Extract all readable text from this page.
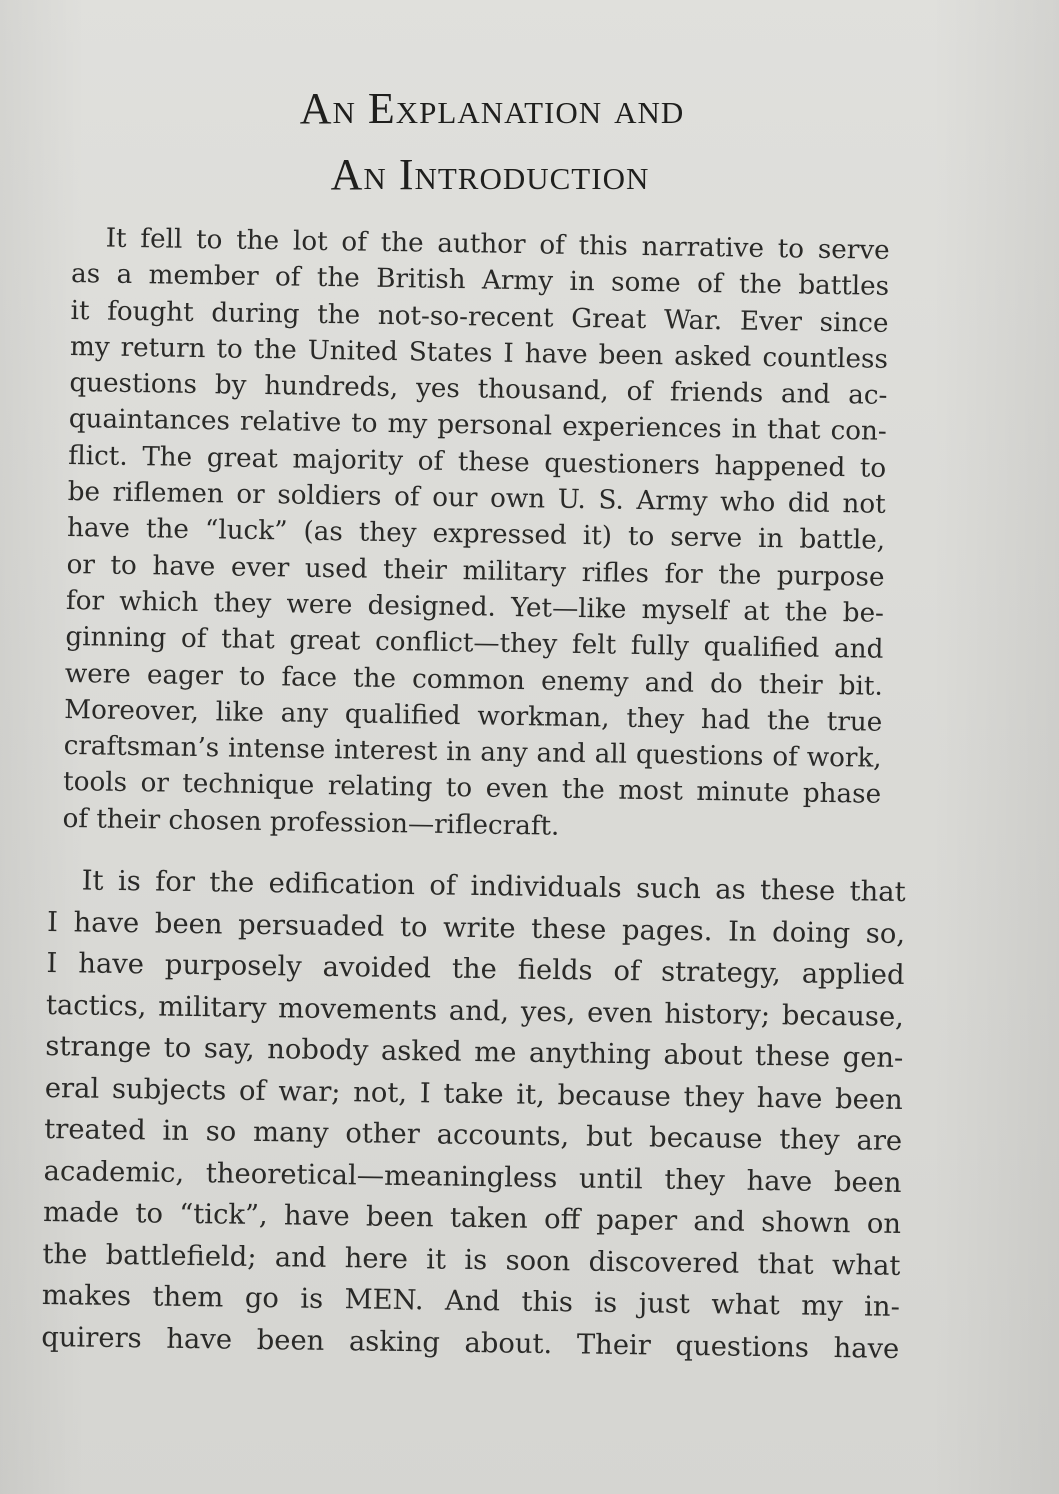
An Explanation and
An Introduction
It fell to the lot of the author of this narrative to serve
as a member of the British Army in some of the battles
it fought during the not-so-recent Great War. Ever since
my return to the United States I have been asked countless
questions by hundreds, yes thousand, of friends and ac-
quaintances relative to my personal experiences in that con-
flict. The great majority of these questioners happened to
be riflemen or soldiers of our own U. S. Army who did not
have the “luck” (as they expressed it) to serve in battle,
or to have ever used their military rifles for the purpose
for which they were designed. Yet—like myself at the be-
ginning of that great conflict—they felt fully qualified and
were eager to face the common enemy and do their bit.
Moreover, like any qualified workman, they had the true
craftsman’s intense interest in any and all questions of work,
tools or technique relating to even the most minute phase
of their chosen profession—riflecraft.
It is for the edification of individuals such as these that
I have been persuaded to write these pages. In doing so,
I have purposely avoided the fields of strategy, applied
tactics, military movements and, yes, even history; because,
strange to say, nobody asked me anything about these gen-
eral subjects of war; not, I take it, because they have been
treated in so many other accounts, but because they are
academic, theoretical—meaningless until they have been
made to “tick”, have been taken off paper and shown on
the battlefield; and here it is soon discovered that what
makes them go is MEN. And this is just what my in-
quirers have been asking about. Their questions have
